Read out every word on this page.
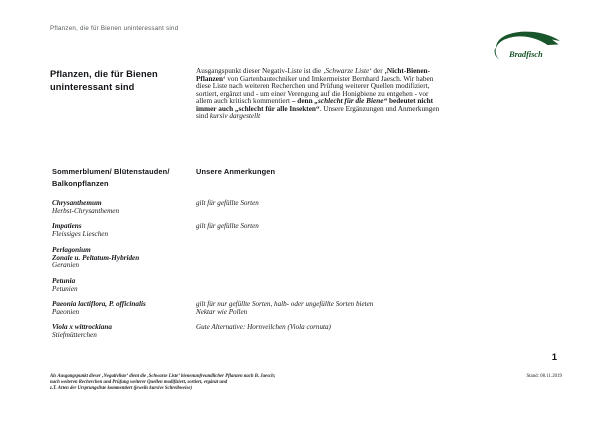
Pflanzen, die für Bienen uninteressant sind
Bradfisch
Pflanzen, die für Bienen
uninteressant sind
Ausgangspunkt dieser Negativ-Liste ist die ‚Schwarze Liste‘ der ‚Nicht-Bienen-Pflanzen‘ von Gartenbautechniker und Imkermeister Bernhard Jaesch. Wir haben diese Liste nach weiteren Recherchen und Prüfung weiterer Quellen modifiziert, sortiert, ergänzt und - um einer Verengung auf die Honigbiene zu entgehen - vor allem auch kritisch kommentiert – denn „schlecht für die Biene“ bedeutet nicht immer auch „schlecht für alle Insekten“. Unsere Ergänzungen und Anmerkungen sind kursiv dargestellt
Sommerblumen/ Blütenstauden/
Balkonpflanzen
Unsere Anmerkungen
Chrysanthemum
Herbst-Chrysanthemen
gilt für gefüllte Sorten
Impatiens
Fleissiges Lieschen
gilt für gefüllte Sorten
Perlagonium
Zonale u. Peltatum-Hybriden
Geranien
Petunia
Petunien
Paeonia lactiflora, P. officinalis
Paeonien
gilt für nur gefüllte Sorten, halb- oder ungefüllte Sorten bieten
Nektar wie Pollen
Viola x wittrockiana
Stiefmütterchen
Gute Alternative: Hornveilchen (Viola cornuta)
1
Als Ausgangspunkt dieser ‚Negativliste‘ dient die ‚Schwarze Liste‘ bienenunfreundlicher Pflanzen nach B. Jaesch;
nach weiteren Recherchen und Prüfung weiterer Quellen modifiziert, sortiert, ergänzt und
z.T. Arten der Ursprungsliste kommentiert (jeweils kursive Schreibweise)
Stand: 08.11.2019
